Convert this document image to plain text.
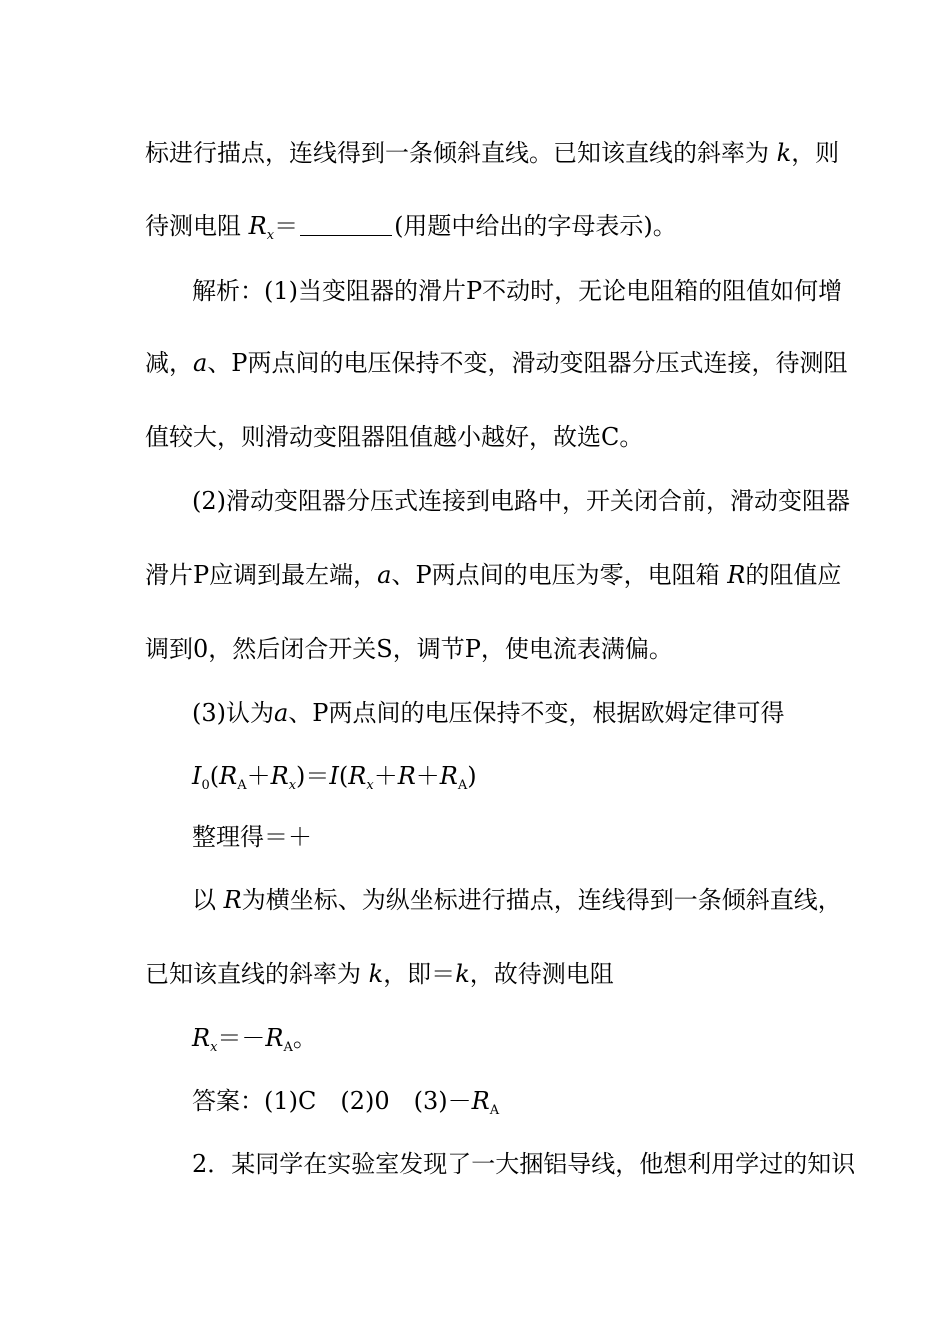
标进行描点，连线得到一条倾斜直线。已知该直线的斜率为 k，则
待测电阻 $R_x=$	(用题中给出的字母表示)。
解析：(1)当变阻器的滑片P不动时，无论电阻箱的阻值如何增
减，a、P两点间的电压保持不变，滑动变阻器分压式连接，待测阻
值较大，则滑动变阻器阻值越小越好，故选C。
(2)滑动变阻器分压式连接到电路中，开关闭合前，滑动变阻器
滑片P应调到最左端，a、P两点间的电压为零，电阻箱 R的阻值应
调到0，然后闭合开关S，调节P，使电流表满偏。
(3)认为a、P两点间的电压保持不变，根据欧姆定律可得
$I_0(R_A+R_x)=I(R_x+R+R_A)$
整理得＝＋
以 R为横坐标、为纵坐标进行描点，连线得到一条倾斜直线，
已知该直线的斜率为 k，即＝k，故待测电阻
$R_x=-R_A$。
答案：(1)C　(2)0　$(3)-R_A$
2．某同学在实验室发现了一大捆铝导线，他想利用学过的知识
